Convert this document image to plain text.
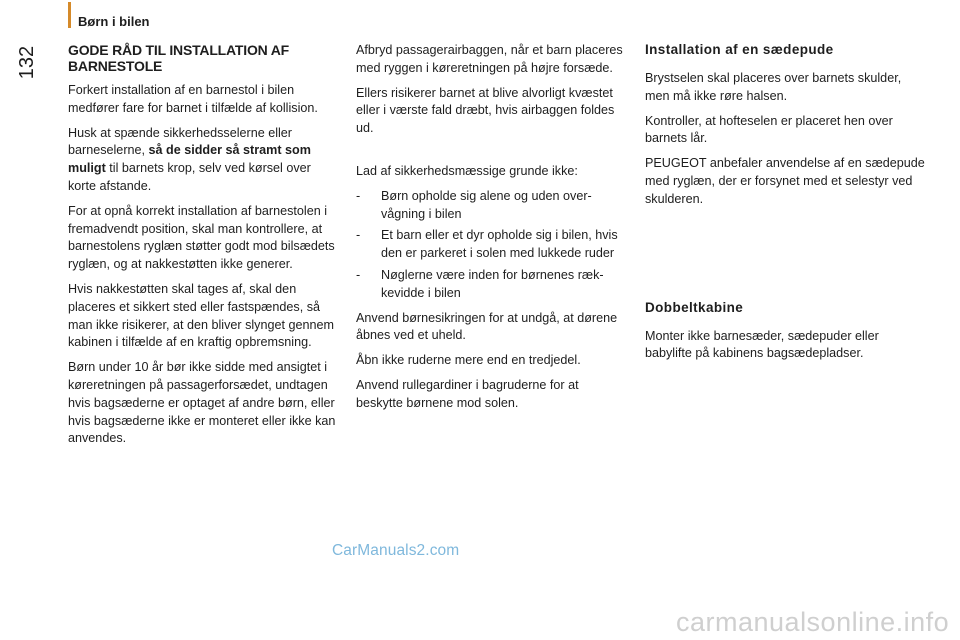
Børn i bilen
132 GODE RÅD TIL INSTALLATION AF BARNESTOLE

Forkert installation af en barnestol i bilen medfører fare for barnet i tilfælde af kollision.

Husk at spænde sikkerhedsselerne eller barneselerne, så de sidder så stramt som muligt til barnets krop, selv ved kørsel over korte afstande.

For at opnå korrekt installation af barnestolen i fremadvendt position, skal man kontrollere, at barnestolens ryglæn støtter godt mod bilsædets ryglæn, og at nakkestøtten ikke generer.

Hvis nakkestøtten skal tages af, skal den placeres et sikkert sted eller fastspændes, så man ikke risikerer, at den bliver slynget gennem kabinen i tilfælde af en kraftig opbremsning.

Børn under 10 år bør ikke sidde med ansigtet i køreretningen på passagerforsædet, undtagen hvis bagsæderne er optaget af andre børn, eller hvis bagsæderne ikke er monteret eller ikke kan anvendes.

Afbryd passagerairbaggen, når et barn placeres med ryggen i køreretningen på højre forsæde.

Ellers risikerer barnet at blive alvorligt kvæstet eller i værste fald dræbt, hvis airbaggen foldes ud.

Lad af sikkerhedsmæssige grunde ikke:

- Børn opholde sig alene og uden over-vågning i bilen
- Et barn eller et dyr opholde sig i bilen, hvis den er parkeret i solen med lukkede ruder
- Nøglerne være inden for børnenes ræk-kevidde i bilen

Anvend børnesikringen for at undgå, at dørene åbnes ved et uheld.

Åbn ikke ruderne mere end en tredjedel.

Anvend rullegardiner i bagruderne for at beskytte børnene mod solen.

Installation af en sædepude

Brystselen skal placeres over barnets skulder, men må ikke røre halsen.

Kontroller, at hofteselen er placeret hen over barnets lår.

PEUGEOT anbefaler anvendelse af en sædepude med ryglæn, der er forsynet med et selestyr ved skulderen.

Dobbeltkabine

Monter ikke barnesæder, sædepuder eller babylifte på kabinens bagsædepladser.

CarManuals2.com
carmanualsonline.info
